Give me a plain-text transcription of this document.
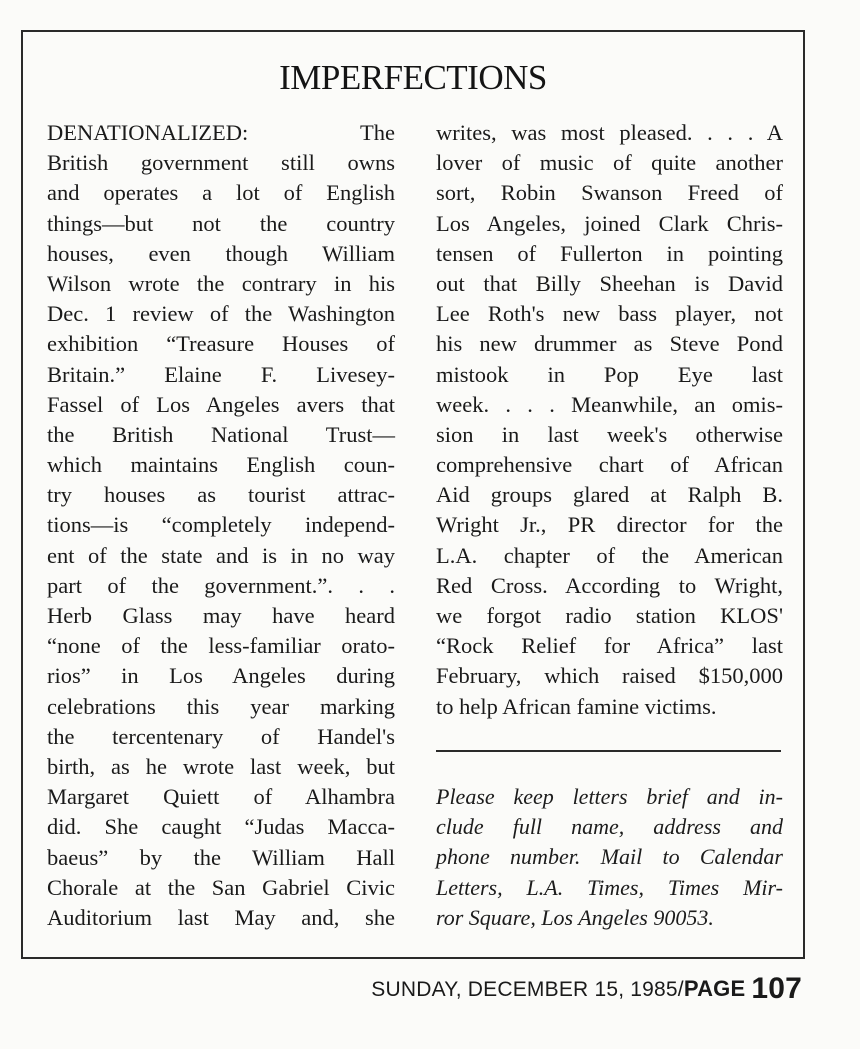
IMPERFECTIONS
DENATIONALIZED: The
British government still owns
and operates a lot of English
things—but not the country
houses, even though William
Wilson wrote the contrary in his
Dec. 1 review of the Washington
exhibition “Treasure Houses of
Britain.” Elaine F. Livesey-
Fassel of Los Angeles avers that
the British National Trust—
which maintains English coun-
try houses as tourist attrac-
tions—is “completely independ-
ent of the state and is in no way
part of the government.”. . .
Herb Glass may have heard
“none of the less-familiar orato-
rios” in Los Angeles during
celebrations this year marking
the tercentenary of Handel's
birth, as he wrote last week, but
Margaret Quiett of Alhambra
did. She caught “Judas Macca-
baeus” by the William Hall
Chorale at the San Gabriel Civic
Auditorium last May and, she
writes, was most pleased. . . . A
lover of music of quite another
sort, Robin Swanson Freed of
Los Angeles, joined Clark Chris-
tensen of Fullerton in pointing
out that Billy Sheehan is David
Lee Roth's new bass player, not
his new drummer as Steve Pond
mistook in Pop Eye last
week. . . . Meanwhile, an omis-
sion in last week's otherwise
comprehensive chart of African
Aid groups glared at Ralph B.
Wright Jr., PR director for the
L.A. chapter of the American
Red Cross. According to Wright,
we forgot radio station KLOS'
“Rock Relief for Africa” last
February, which raised $150,000
to help African famine victims.
Please keep letters brief and in-
clude full name, address and
phone number. Mail to Calendar
Letters, L.A. Times, Times Mir-
ror Square, Los Angeles 90053.
SUNDAY, DECEMBER 15, 1985/PAGE 107
